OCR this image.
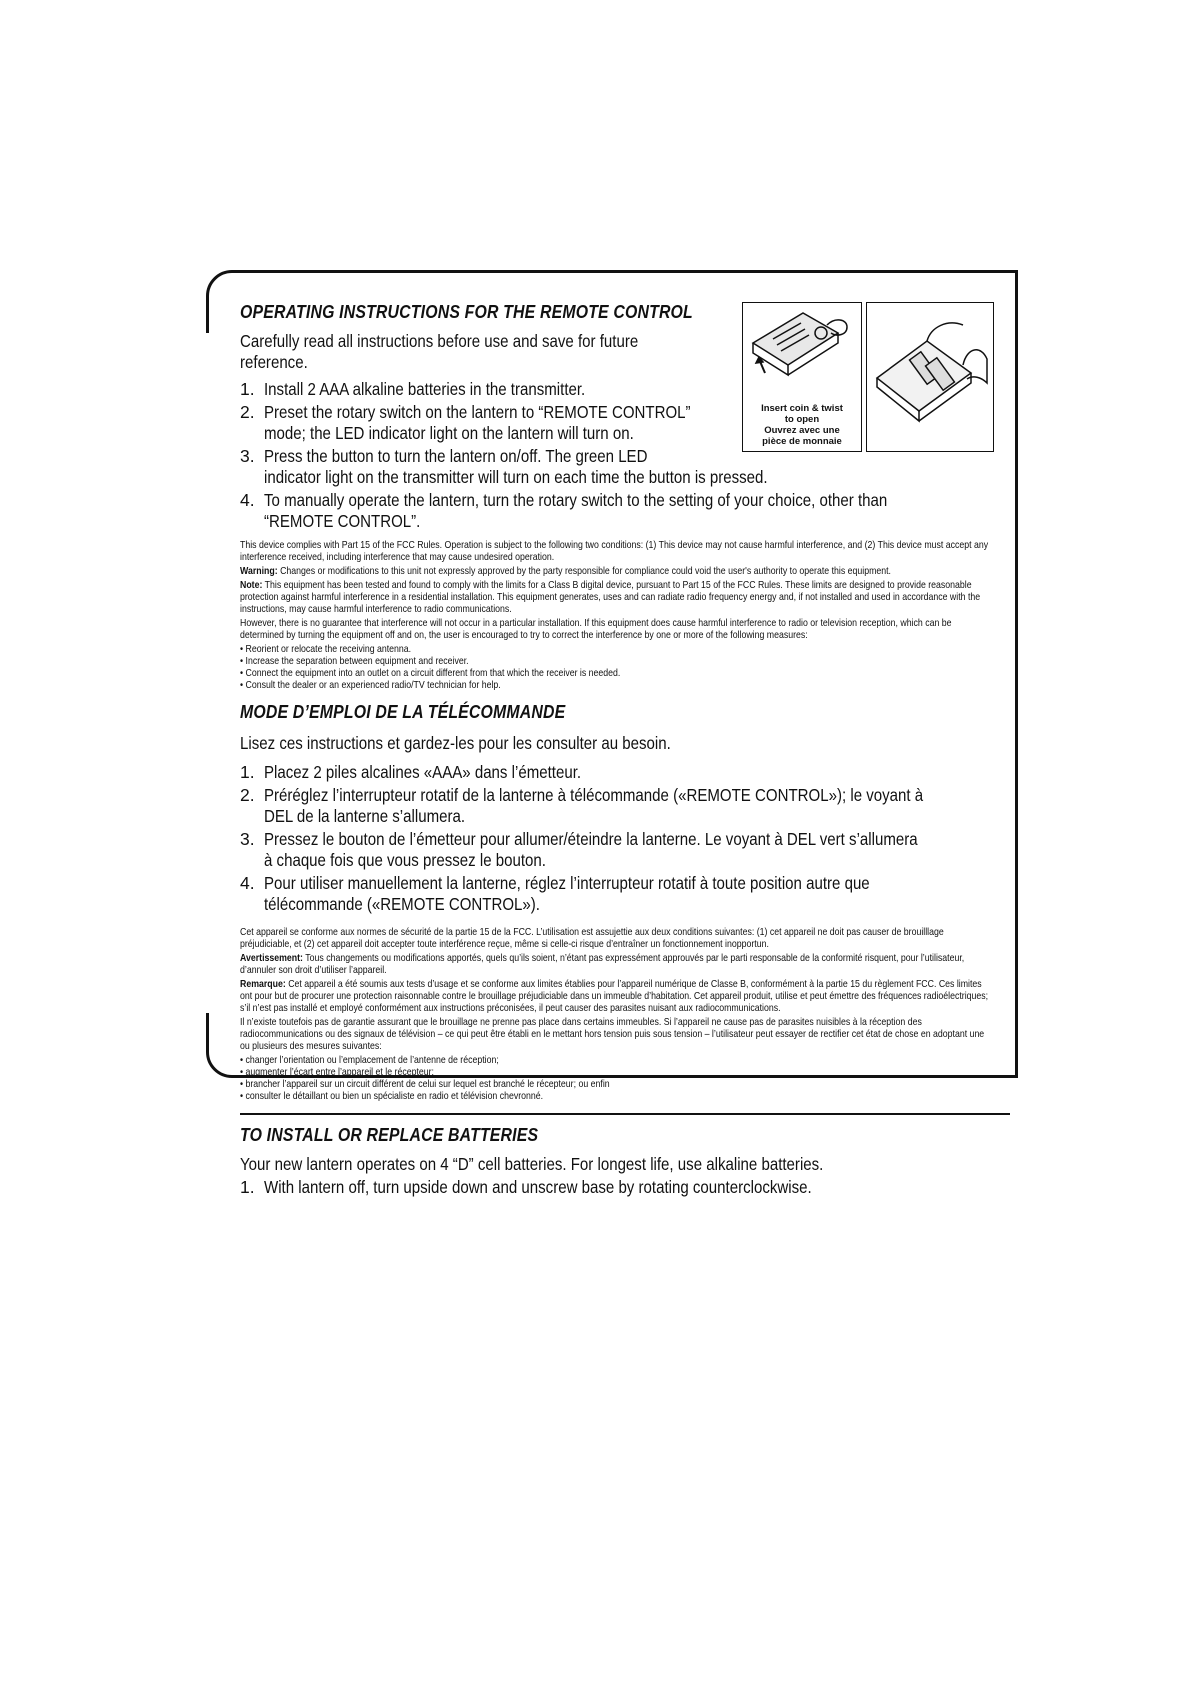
Insert coin & twist
to open
Ouvrez avec une
pièce de monnaie
OPERATING INSTRUCTIONS FOR THE REMOTE CONTROL
Carefully read all instructions before use and save for future
reference.
1. Install 2 AAA alkaline batteries in the transmitter.
2. Preset the rotary switch on the lantern to “REMOTE CONTROL”
mode; the LED indicator light on the lantern will turn on.
3. Press the button to turn the lantern on/off. The green LED
indicator light on the transmitter will turn on each time the button is pressed.
4. To manually operate the lantern, turn the rotary switch to the setting of your choice, other than
“REMOTE CONTROL”.

This device complies with Part 15 of the FCC Rules. Operation is subject to the following two conditions: (1) This device may not cause harmful interference, and (2) This device must accept any interference received, including interference that may cause undesired operation.

Warning: Changes or modifications to this unit not expressly approved by the party responsible for compliance could void the user's authority to operate this equipment.

Note: This equipment has been tested and found to comply with the limits for a Class B digital device, pursuant to Part 15 of the FCC Rules. These limits are designed to provide reasonable protection against harmful interference in a residential installation. This equipment generates, uses and can radiate radio frequency energy and, if not installed and used in accordance with the instructions, may cause harmful interference to radio communications.

However, there is no guarantee that interference will not occur in a particular installation. If this equipment does cause harmful interference to radio or television reception, which can be determined by turning the equipment off and on, the user is encouraged to try to correct the interference by one or more of the following measures:

• Reorient or relocate the receiving antenna.
• Increase the separation between equipment and receiver.
• Connect the equipment into an outlet on a circuit different from that which the receiver is needed.
• Consult the dealer or an experienced radio/TV technician for help.
MODE D’EMPLOI DE LA TÉLÉCOMMANDE
Lisez ces instructions et gardez-les pour les consulter au besoin.
1. Placez 2 piles alcalines «AAA» dans l’émetteur.
2. Préréglez l’interrupteur rotatif de la lanterne à télécommande («REMOTE CONTROL»); le voyant à
DEL de la lanterne s’allumera.
3. Pressez le bouton de l’émetteur pour allumer/éteindre la lanterne. Le voyant à DEL vert s’allumera
à chaque fois que vous pressez le bouton.
4. Pour utiliser manuellement la lanterne, réglez l’interrupteur rotatif à toute position autre que
télécommande («REMOTE CONTROL»).

Cet appareil se conforme aux normes de sécurité de la partie 15 de la FCC. L’utilisation est assujettie aux deux conditions suivantes: (1) cet appareil ne doit pas causer de brouilllage préjudiciable, et (2) cet appareil doit accepter toute interférence reçue, même si celle-ci risque d’entraîner un fonctionnement inopportun.

Avertissement: Tous changements ou modifications apportés, quels qu’ils soient, n’étant pas expressément approuvés par le parti responsable de la conformité risquent, pour l’utilisateur, d’annuler son droit d’utiliser l’appareil.

Remarque: Cet appareil a été soumis aux tests d’usage et se conforme aux limites établies pour l’appareil numérique de Classe B, conformément à la partie 15 du règlement FCC. Ces limites ont pour but de procurer une protection raisonnable contre le brouillage préjudiciable dans un immeuble d’habitation. Cet appareil produit, utilise et peut émettre des fréquences radioélectriques; s’il n’est pas installé et employé conformément aux instructions préconisées, il peut causer des parasites nuisant aux radiocommunications.

Il n’existe toutefois pas de garantie assurant que le brouillage ne prenne pas place dans certains immeubles. Si l’appareil ne cause pas de parasites nuisibles à la réception des radiocommunications ou des signaux de télévision – ce qui peut être établi en le mettant hors tension puis sous tension – l’utilisateur peut essayer de rectifier cet état de chose en adoptant une ou plusieurs des mesures suivantes:

• changer l’orientation ou l’emplacement de l’antenne de réception;
• augmenter l’écart entre l’appareil et le récepteur;
• brancher l’appareil sur un circuit différent de celui sur lequel est branché le récepteur; ou enfin
• consulter le détaillant ou bien un spécialiste en radio et télévision chevronné.
TO INSTALL OR REPLACE BATTERIES
Your new lantern operates on 4 “D” cell batteries. For longest life, use alkaline batteries.
1. With lantern off, turn upside down and unscrew base by rotating counterclockwise.
